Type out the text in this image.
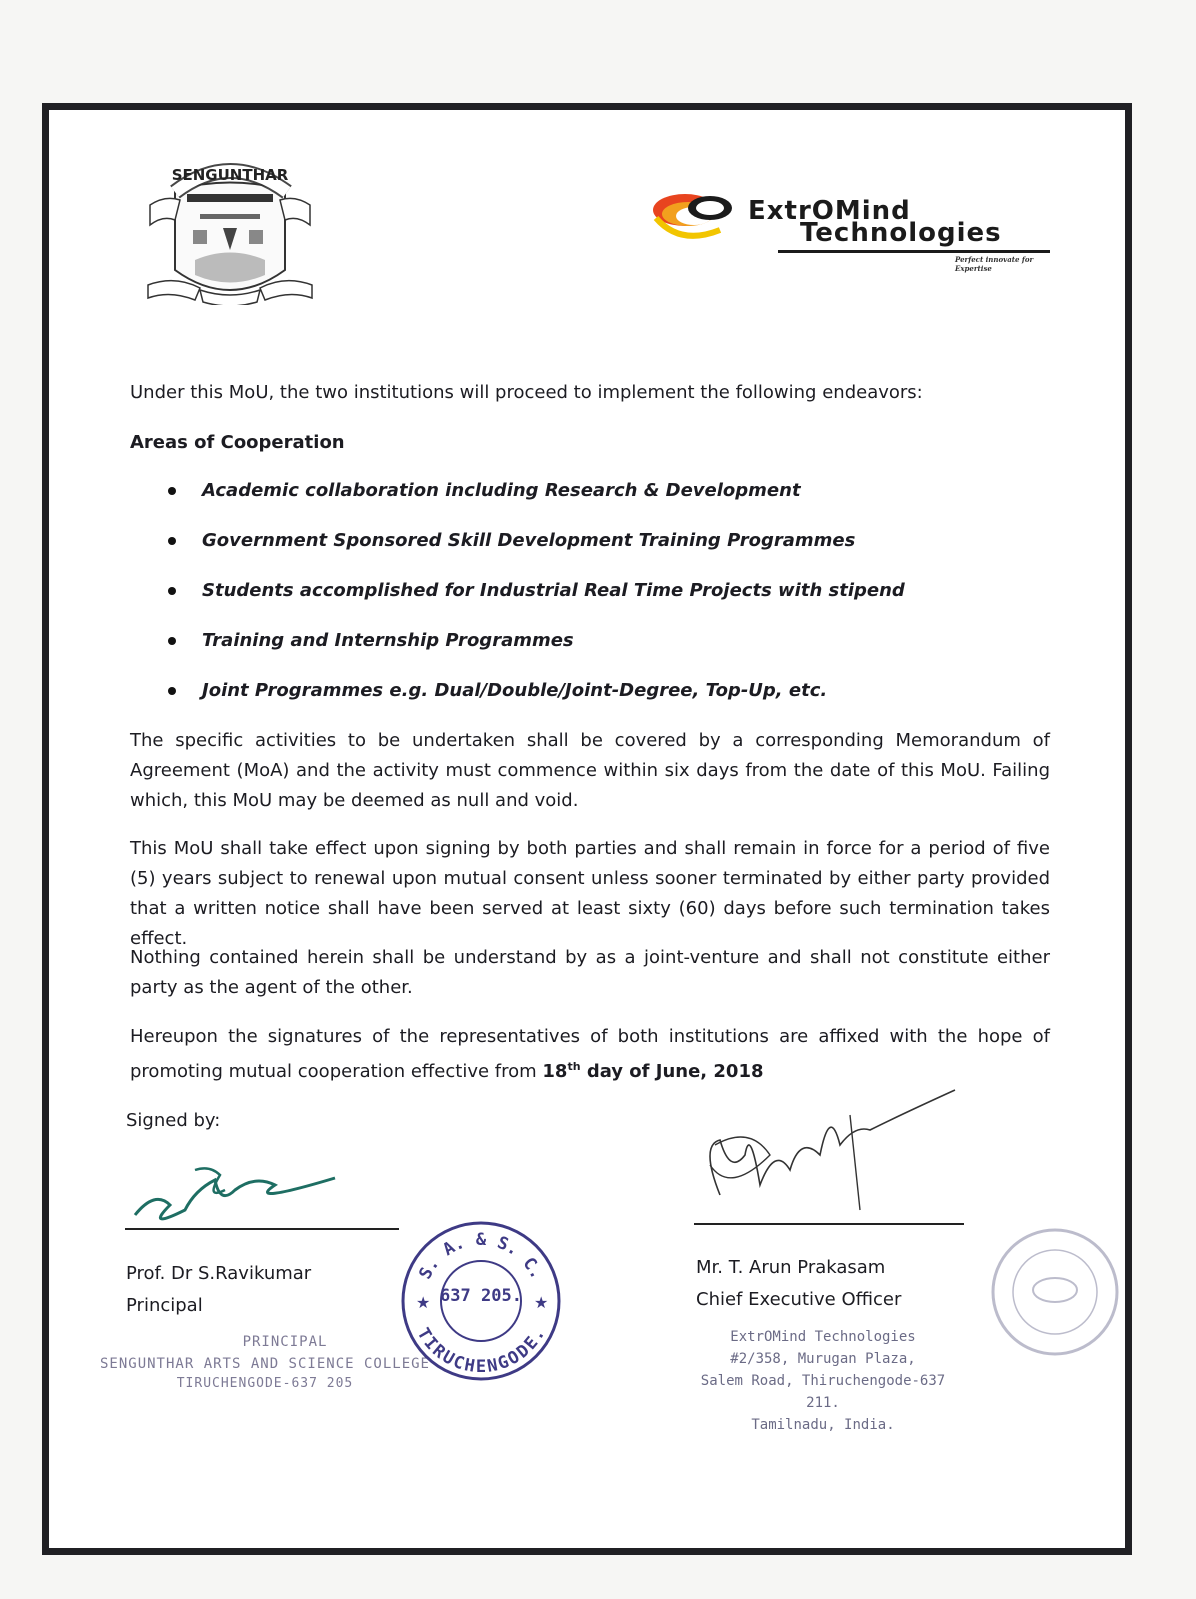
SENGUNTHAR
ExtrOMind
Technologies
Perfect innovate for Expertise
Under this MoU, the two institutions will proceed to implement the following endeavors:
Areas of Cooperation
Academic collaboration including Research & Development
Government Sponsored Skill Development Training Programmes
Students accomplished for Industrial Real Time Projects with stipend
Training and Internship Programmes
Joint Programmes e.g. Dual/Double/Joint-Degree, Top-Up, etc.
The specific activities to be undertaken shall be covered by a corresponding Memorandum of Agreement (MoA) and the activity must commence within six days from the date of this MoU. Failing which, this MoU may be deemed as null and void.
This MoU shall take effect upon signing by both parties and shall remain in force for a period of five (5) years subject to renewal upon mutual consent unless sooner terminated by either party provided that a written notice shall have been served at least sixty (60) days before such termination takes effect.
Nothing contained herein shall be understand by as a joint-venture and shall not constitute either party as the agent of the other.
Hereupon the signatures of the representatives of both institutions are affixed with the hope of promoting mutual cooperation effective from 18th day of June, 2018
Signed by:
Prof. Dr S.Ravikumar
Principal
Mr. T. Arun Prakasam
Chief Executive Officer
PRINCIPAL
SENGUNTHAR ARTS AND SCIENCE COLLEGE
TIRUCHENGODE-637 205
S. A. & S. C.
TIRUCHENGODE.
★	★
637 205.
ExtrOMind Technologies
#2/358, Murugan Plaza,
Salem Road, Thiruchengode-637 211.
Tamilnadu, India.
